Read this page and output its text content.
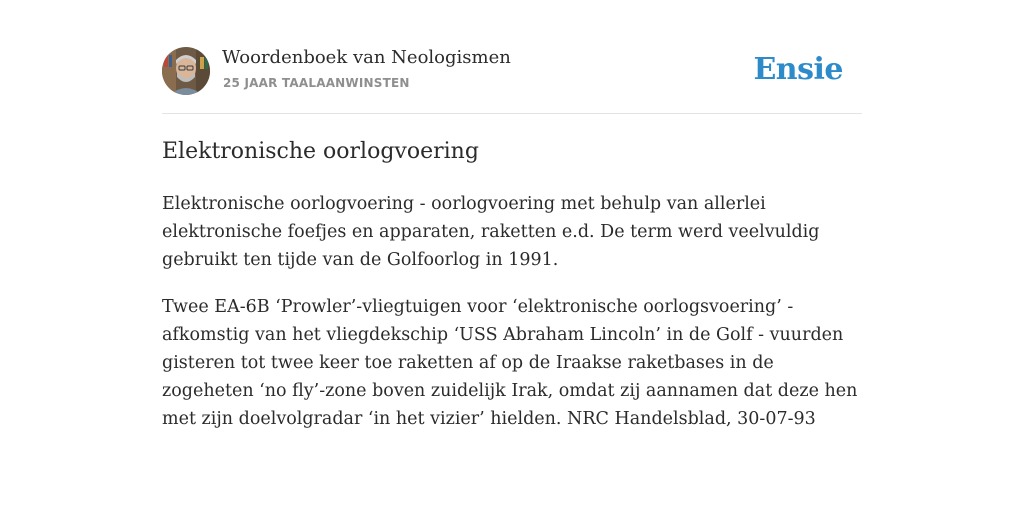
Woordenboek van Neologismen
25 JAAR TAALAANWINSTEN	Ensie
Elektronische oorlogvoering

Elektronische oorlogvoering - oorlogvoering met behulp van allerlei elektronische foefjes en apparaten, raketten e.d. De term werd veelvuldig gebruikt ten tijde van de Golfoorlog in 1991.

Twee EA-6B ‘Prowler’-vliegtuigen voor ‘elektronische oorlogsvoering’ - afkomstig van het vliegdekschip ‘USS Abraham Lincoln’ in de Golf - vuurden gisteren tot twee keer toe raketten af op de Iraakse raketbases in de zogeheten ‘no fly’-zone boven zuidelijk Irak, omdat zij aannamen dat deze hen met zijn doelvolgradar ‘in het vizier’ hielden. NRC Handelsblad, 30-07-93
